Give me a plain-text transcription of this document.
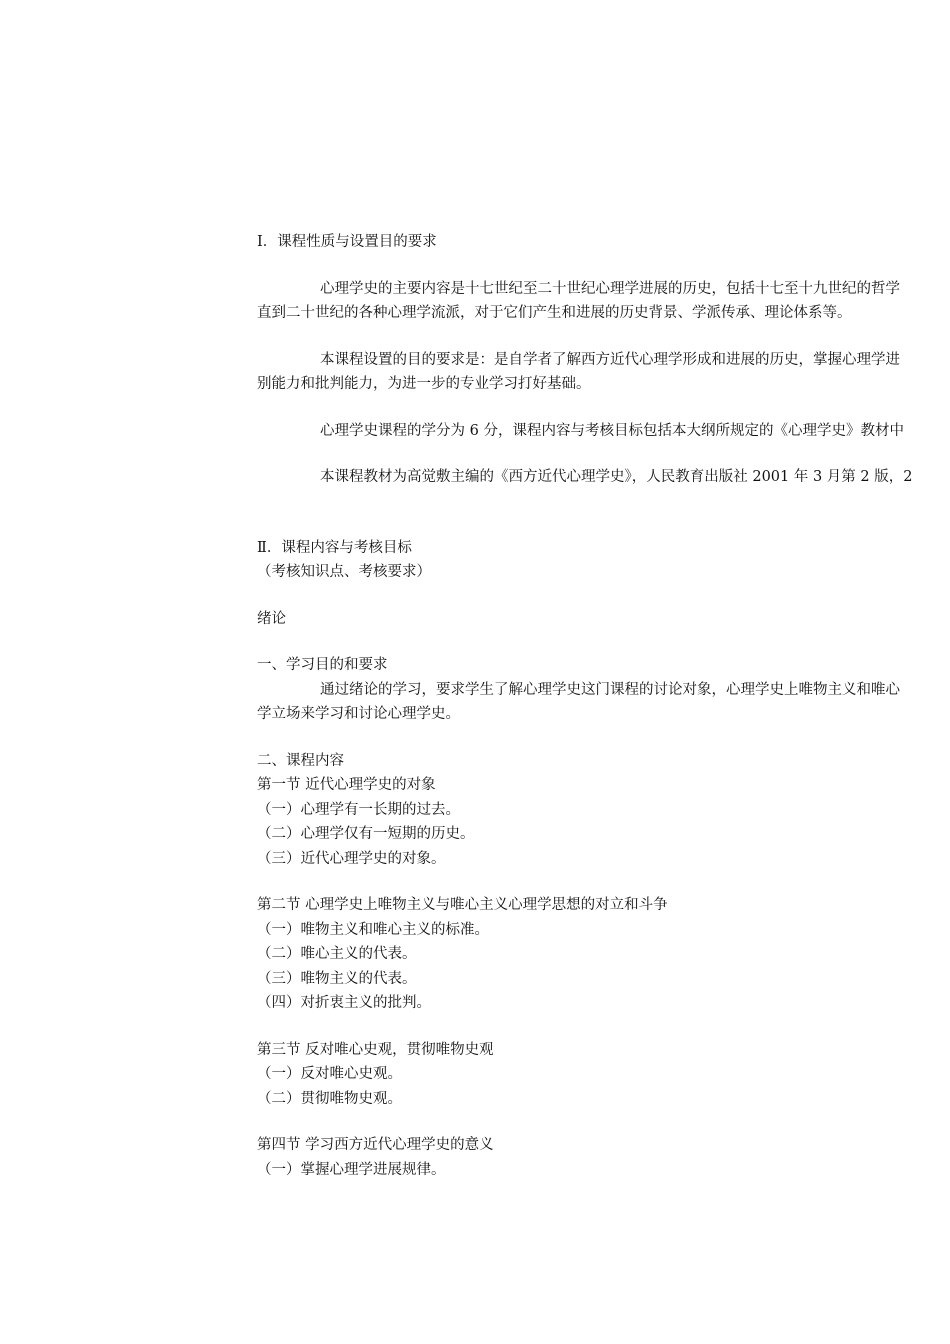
Ⅰ．课程性质与设置目的要求
心理学史的主要内容是十七世纪至二十世纪心理学进展的历史，包括十七至十九世纪的哲学
直到二十世纪的各种心理学流派，对于它们产生和进展的历史背景、学派传承、理论体系等。
本课程设置的目的要求是：是自学者了解西方近代心理学形成和进展的历史，掌握心理学进
别能力和批判能力，为进一步的专业学习打好基础。
心理学史课程的学分为 6 分，课程内容与考核目标包括本大纲所规定的《心理学史》教材中
本课程教材为高觉敷主编的《西方近代心理学史》，人民教育出版社 2001 年 3 月第 2 版，2
Ⅱ．课程内容与考核目标
（考核知识点、考核要求）
绪论
一、学习目的和要求
通过绪论的学习，要求学生了解心理学史这门课程的讨论对象，心理学史上唯物主义和唯心
学立场来学习和讨论心理学史。
二、课程内容
第一节 近代心理学史的对象
（一）心理学有一长期的过去。
（二）心理学仅有一短期的历史。
（三）近代心理学史的对象。
第二节 心理学史上唯物主义与唯心主义心理学思想的对立和斗争
（一）唯物主义和唯心主义的标准。
（二）唯心主义的代表。
（三）唯物主义的代表。
（四）对折衷主义的批判。
第三节 反对唯心史观，贯彻唯物史观
（一）反对唯心史观。
（二）贯彻唯物史观。
第四节 学习西方近代心理学史的意义
（一）掌握心理学进展规律。
